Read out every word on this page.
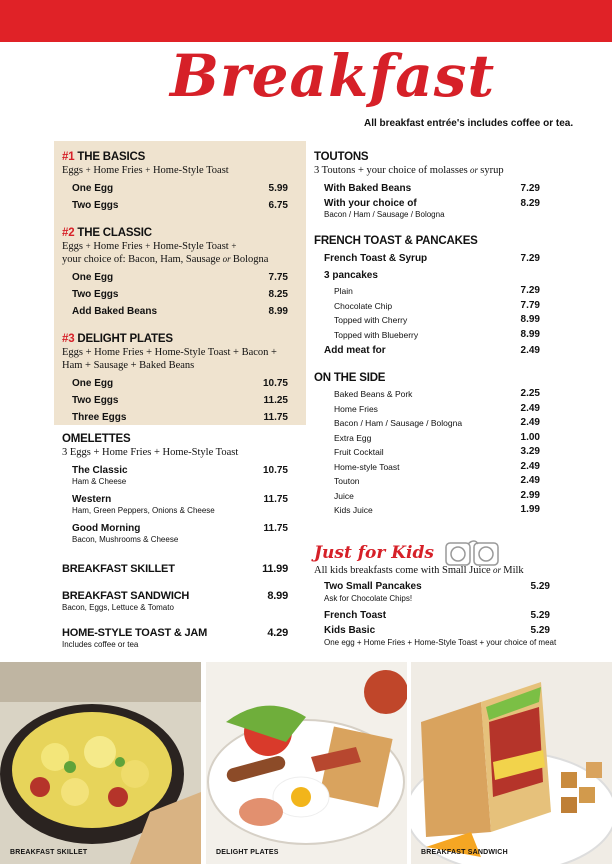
Breakfast
All breakfast entrée's includes coffee or tea.
#1 THE BASICS
Eggs + Home Fries + Home-Style Toast
One Egg	5.99
Two Eggs	6.75
#2 THE CLASSIC
Eggs + Home Fries + Home-Style Toast +
your choice of: Bacon, Ham, Sausage or Bologna
One Egg	7.75
Two Eggs	8.25
Add Baked Beans	8.99
#3 DELIGHT PLATES
Eggs + Home Fries + Home-Style Toast + Bacon +
Ham + Sausage + Baked Beans
One Egg	10.75
Two Eggs	11.25
Three Eggs	11.75
OMELETTES
3 Eggs + Home Fries + Home-Style Toast
The Classic	10.75
Ham & Cheese
Western	11.75
Ham, Green Peppers, Onions & Cheese
Good Morning	11.75
Bacon, Mushrooms & Cheese
BREAKFAST SKILLET	11.99
BREAKFAST SANDWICH	8.99
Bacon, Eggs, Lettuce & Tomato
HOME-STYLE TOAST & JAM	4.29
Includes coffee or tea
TOUTONS
3 Toutons + your choice of molasses or syrup
With Baked Beans	7.29
With your choice of	8.29
Bacon / Ham / Sausage / Bologna
FRENCH TOAST & PANCAKES
French Toast & Syrup	7.29
3 pancakes
Plain	7.29
Chocolate Chip	7.79
Topped with Cherry	8.99
Topped with Blueberry	8.99
Add meat for	2.49
ON THE SIDE
Baked Beans & Pork	2.25
Home Fries	2.49
Bacon / Ham / Sausage / Bologna	2.49
Extra Egg	1.00
Fruit Cocktail	3.29
Home-style Toast	2.49
Touton	2.49
Juice	2.99
Kids Juice	1.99
Just for Kids
All kids breakfasts come with Small Juice or Milk
Two Small Pancakes	5.29
Ask for Chocolate Chips!
French Toast	5.29
Kids Basic	5.29
One egg + Home Fries + Home-Style Toast + your choice of meat
BREAKFAST SKILLET	DELIGHT PLATES	BREAKFAST SANDWICH
